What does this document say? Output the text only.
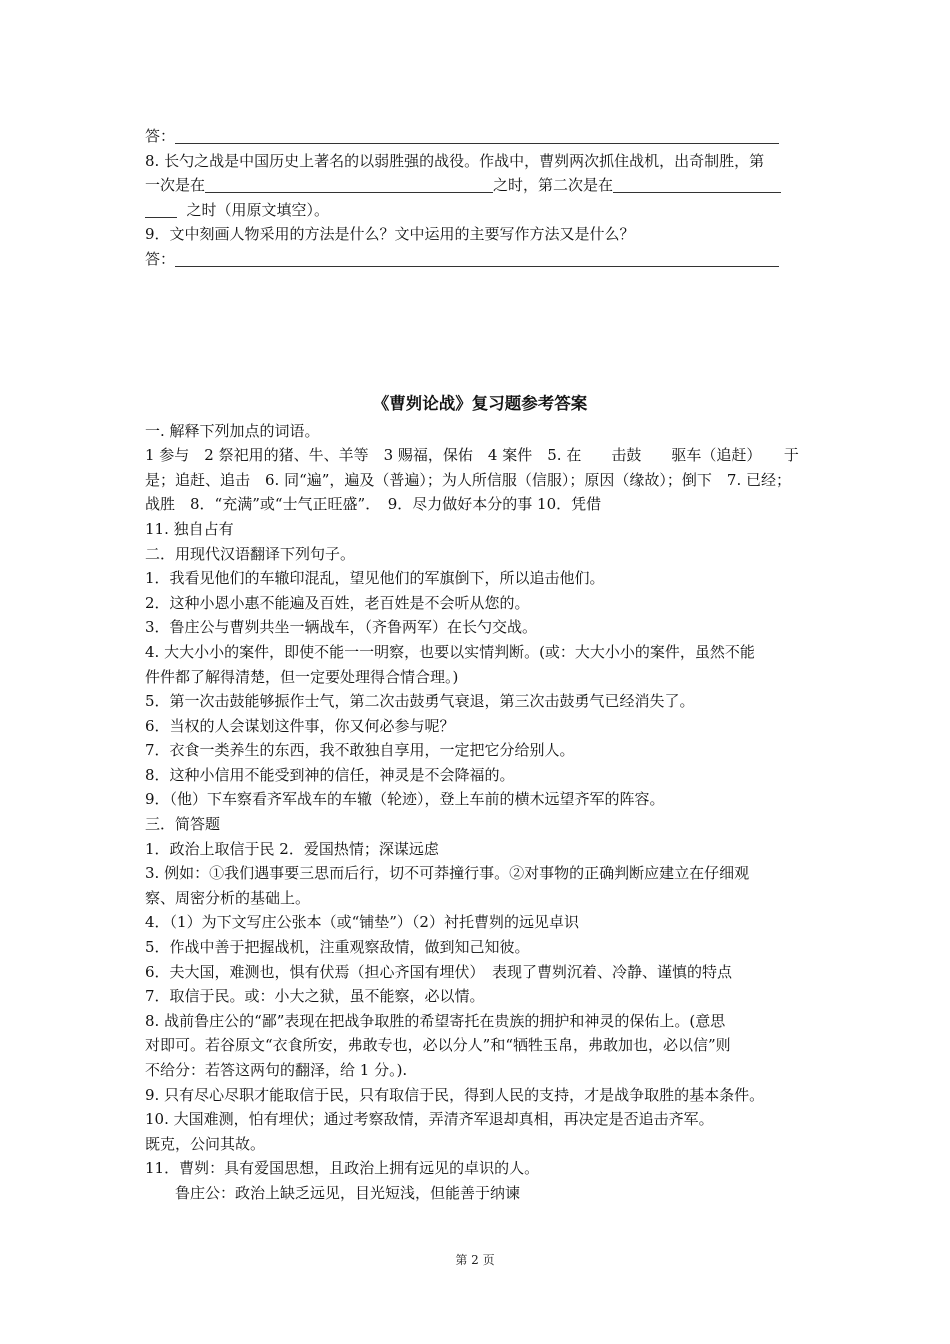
答：
8. 长勺之战是中国历史上著名的以弱胜强的战役。作战中，曹刿两次抓住战机，出奇制胜，第
一次是在	之时，第二次是在
之时（用原文填空）。
9．文中刻画人物采用的方法是什么？文中运用的主要写作方法又是什么？
答：
《曹刿论战》复习题参考答案
一. 解释下列加点的词语。
1 参与　2 祭祀用的猪、牛、羊等　3 赐福，保佑　4 案件　5. 在　　击鼓　　驱车（追赶）　　于
是；追赶、追击　6. 同“遍”，遍及（普遍）；为人所信服（信服）；原因（缘故）；倒下　7. 已经；
战胜　8．“充满”或“士气正旺盛”．　9．尽力做好本分的事 10．凭借
11. 独自占有
二．用现代汉语翻译下列句子。
1．我看见他们的车辙印混乱，望见他们的军旗倒下，所以追击他们。
2．这种小恩小惠不能遍及百姓，老百姓是不会听从您的。
3．鲁庄公与曹刿共坐一辆战车，（齐鲁两军）在长勺交战。
4. 大大小小的案件，即使不能一一明察，也要以实情判断。(或：大大小小的案件，虽然不能
件件都了解得清楚，但一定要处理得合情合理。)
5．第一次击鼓能够振作士气，第二次击鼓勇气衰退，第三次击鼓勇气已经消失了。
6．当权的人会谋划这件事，你又何必参与呢？
7．衣食一类养生的东西，我不敢独自享用，一定把它分给别人。
8．这种小信用不能受到神的信任，神灵是不会降福的。
9．（他）下车察看齐军战车的车辙（轮迹），登上车前的横木远望齐军的阵容。
三．简答题
1．政治上取信于民 2．爱国热情；深谋远虑
3. 例如：①我们遇事要三思而后行，切不可莽撞行事。②对事物的正确判断应建立在仔细观
察、周密分析的基础上。
4．（1）为下文写庄公张本（或“铺垫”）（2）衬托曹刿的远见卓识
5．作战中善于把握战机，注重观察敌情，做到知己知彼。
6．夫大国，难测也，惧有伏焉（担心齐国有埋伏）　表现了曹刿沉着、冷静、谨慎的特点
7．取信于民。或：小大之狱，虽不能察，必以情。
8. 战前鲁庄公的“鄙”表现在把战争取胜的希望寄托在贵族的拥护和神灵的保佑上。(意思
对即可。若谷原文“衣食所安，弗敢专也，必以分人”和“牺牲玉帛，弗敢加也，必以信”则
不给分：若答这两句的翻泽，给 1 分。).
9. 只有尽心尽职才能取信于民，只有取信于民，得到人民的支持，才是战争取胜的基本条件。
10. 大国难测，怕有埋伏；通过考察敌情，弄清齐军退却真相，再决定是否追击齐军。
既克，公问其故。
11．曹刿：具有爱国思想，且政治上拥有远见的卓识的人。
鲁庄公：政治上缺乏远见，目光短浅，但能善于纳谏
第 2 页
